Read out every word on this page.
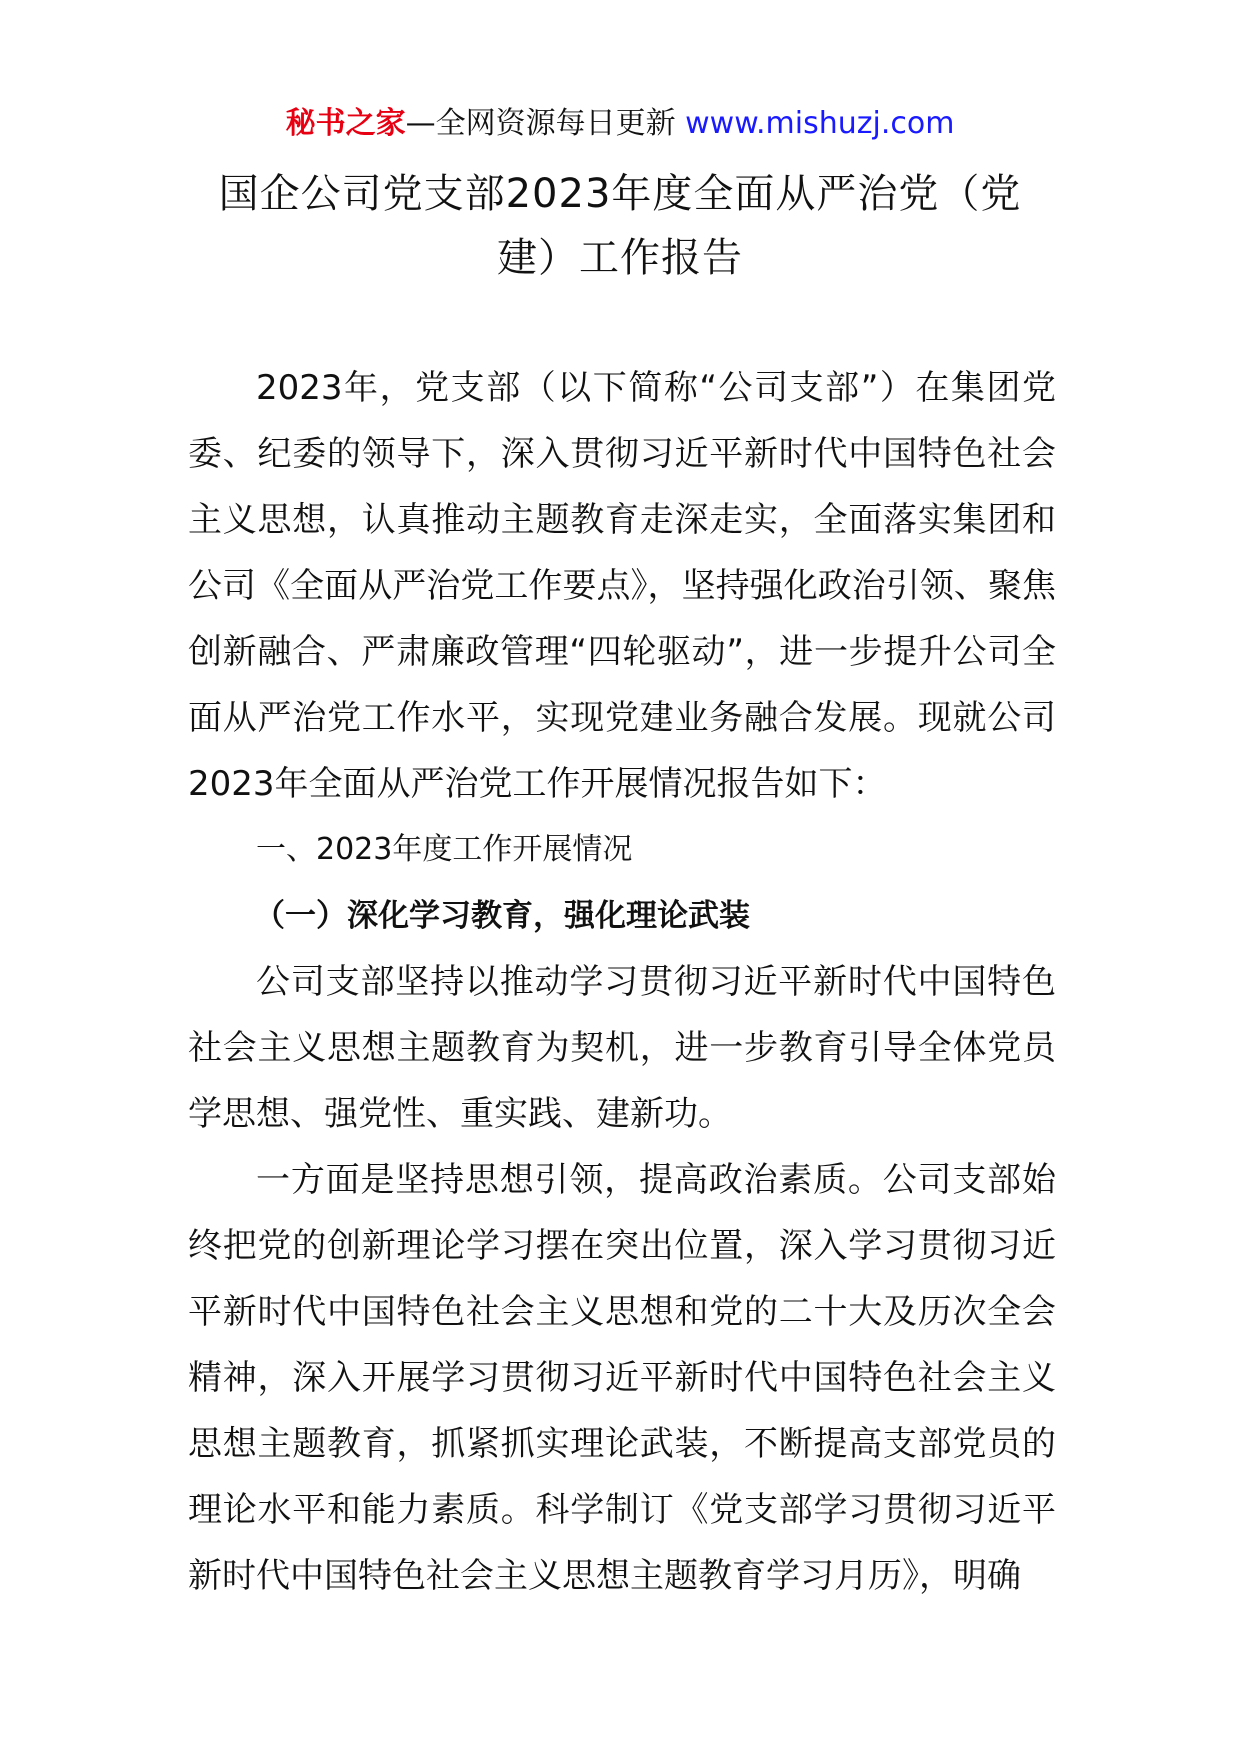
秘书之家—全网资源每日更新 www.mishuzj.com
国企公司党支部2023年度全面从严治党（党
建）工作报告

2023年，党支部（以下简称“公司支部”）在集团党委、纪委的领导下，深入贯彻习近平新时代中国特色社会主义思想，认真推动主题教育走深走实，全面落实集团和公司《全面从严治党工作要点》，坚持强化政治引领、聚焦创新融合、严肃廉政管理“四轮驱动”，进一步提升公司全面从严治党工作水平，实现党建业务融合发展。现就公司2023年全面从严治党工作开展情况报告如下：

一、2023年度工作开展情况

（一）深化学习教育，强化理论武装

公司支部坚持以推动学习贯彻习近平新时代中国特色社会主义思想主题教育为契机，进一步教育引导全体党员学思想、强党性、重实践、建新功。

一方面是坚持思想引领，提高政治素质。公司支部始终把党的创新理论学习摆在突出位置，深入学习贯彻习近平新时代中国特色社会主义思想和党的二十大及历次全会精神，深入开展学习贯彻习近平新时代中国特色社会主义思想主题教育，抓紧抓实理论武装，不断提高支部党员的理论水平和能力素质。科学制订《党支部学习贯彻习近平新时代中国特色社会主义思想主题教育学习月历》，明确
